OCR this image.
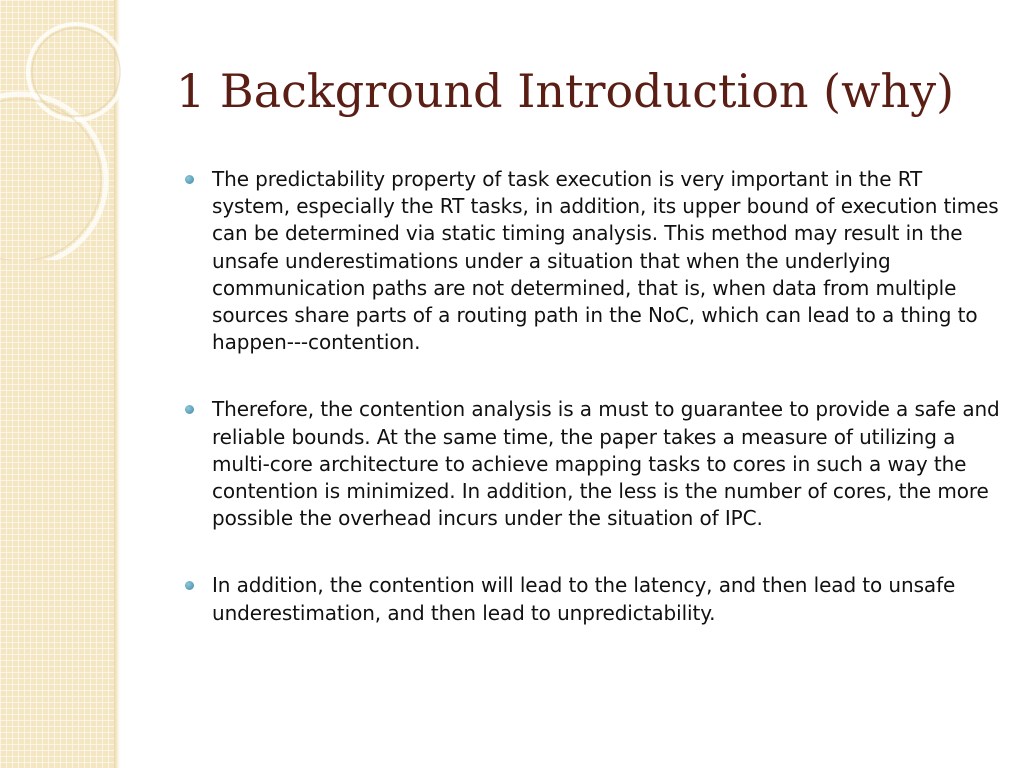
1 Background Introduction (why)
The predictability property of task execution is very important in the RT system, especially the RT tasks, in addition, its upper bound of execution times can be determined via static timing analysis. This method may result in the unsafe underestimations under a situation that when the underlying communication paths are not determined, that is, when data from multiple sources share parts of a routing path in the NoC, which can lead to a thing to happen---contention.
Therefore, the contention analysis is a must to guarantee to provide a safe and reliable bounds. At the same time, the paper takes a measure of utilizing a multi-core architecture to achieve mapping tasks to cores in such a way the contention is minimized. In addition, the less is the number of cores, the more possible the overhead incurs under the situation of IPC.
In addition, the contention will lead to the latency, and then lead to unsafe underestimation, and then lead to unpredictability.
